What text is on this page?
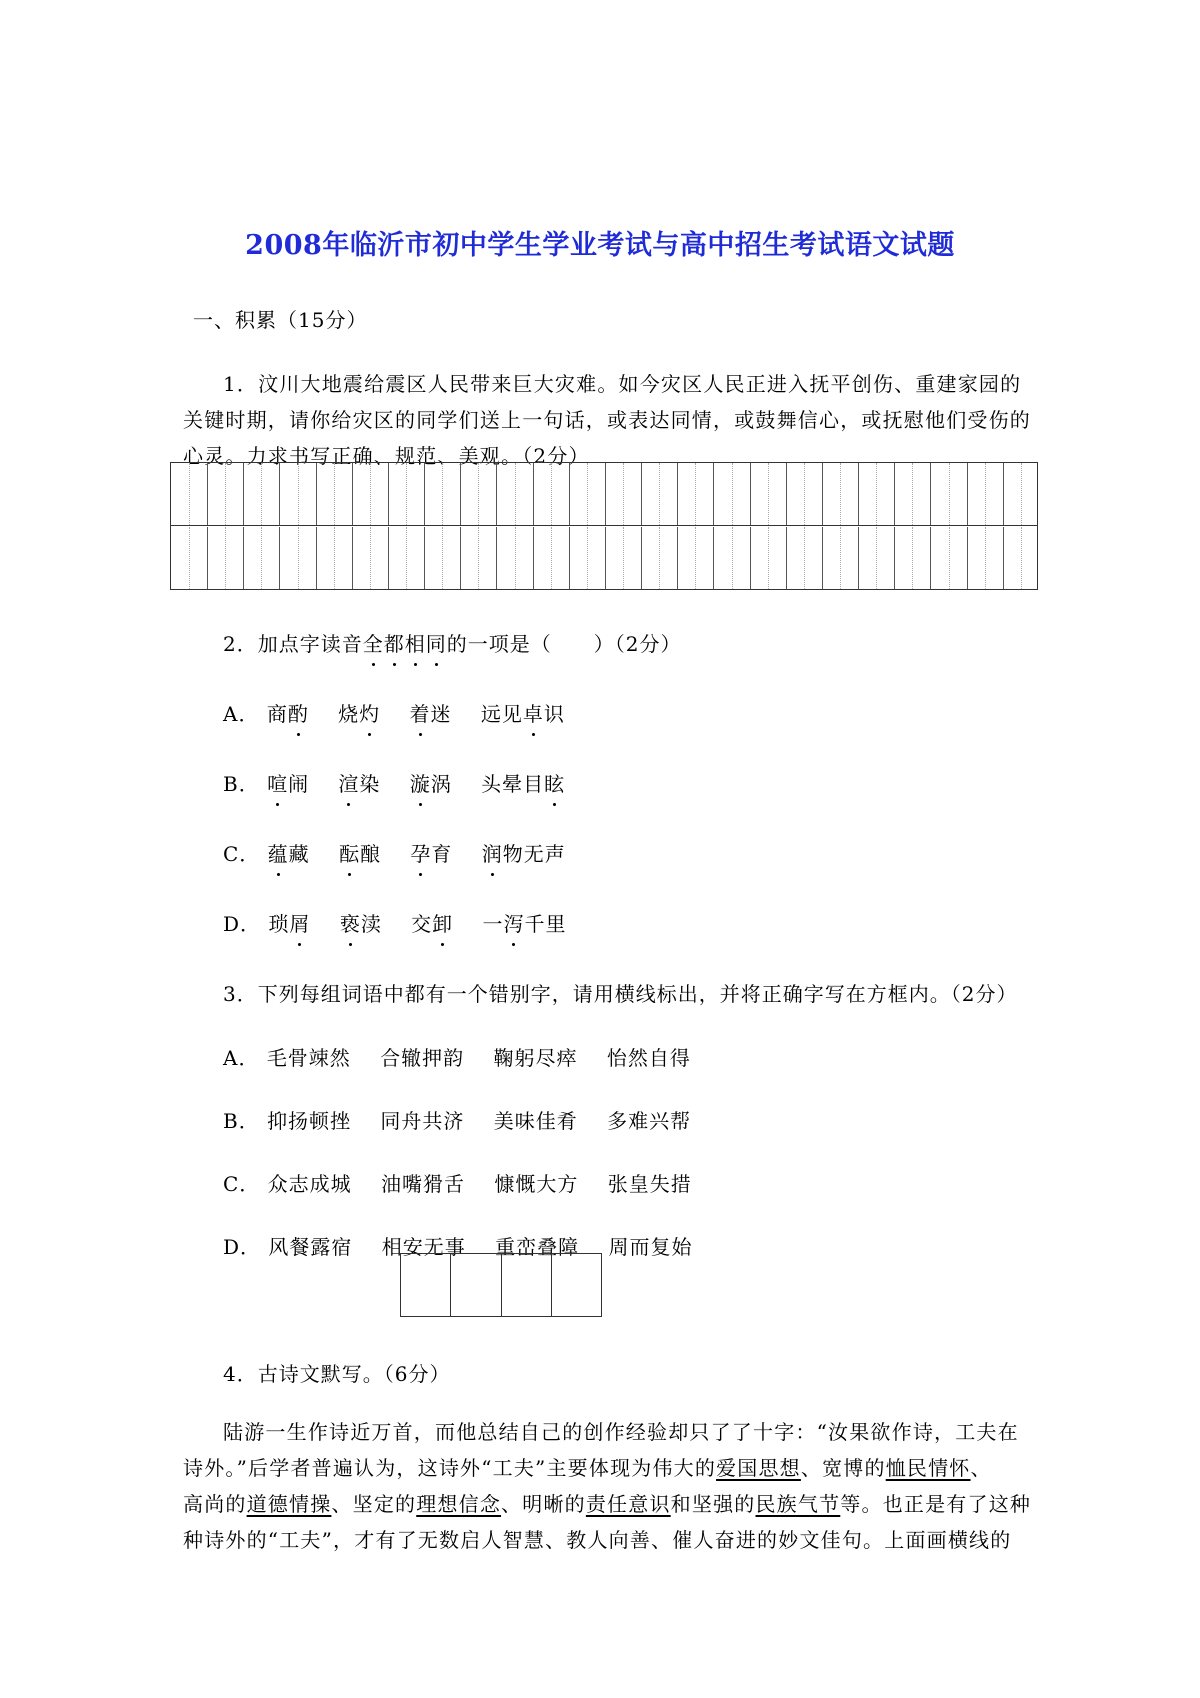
2008年临沂市初中学生学业考试与高中招生考试语文试题
一、积累（15分）
1．汶川大地震给震区人民带来巨大灾难。如今灾区人民正进入抚平创伤、重建家园的

关键时期，请你给灾区的同学们送上一句话，或表达同情，或鼓舞信心，或抚慰他们受伤的
心灵。力求书写正确、规范、美观。（2分）
2．加点字读音全都相同的一项是（　　）（2分）
A． 商酌 烧灼 着迷 远见卓识
B． 喧闹 渲染 漩涡 头晕目眩
C． 蕴藏 酝酿 孕育 润物无声
D． 琐屑 亵渎 交卸 一泻千里
3．下列每组词语中都有一个错别字，请用横线标出，并将正确字写在方框内。（2分）
A． 毛骨竦然 合辙押韵 鞠躬尽瘁 怡然自得
B． 抑扬顿挫 同舟共济 美味佳肴 多难兴帮
C． 众志成城 油嘴猾舌 慷慨大方 张皇失措
D． 风餐露宿 相安无事 重峦叠障 周而复始
4．古诗文默写。（6分）
陆游一生作诗近万首，而他总结自己的创作经验却只了了十字：“汝果欲作诗，工夫在
诗外。”后学者普遍认为，这诗外“工夫”主要体现为伟大的爱国思想、宽博的恤民情怀、
高尚的道德情操、坚定的理想信念、明晰的责任意识和坚强的民族气节等。也正是有了这种
种诗外的“工夫”，才有了无数启人智慧、教人向善、催人奋进的妙文佳句。上面画横线的
